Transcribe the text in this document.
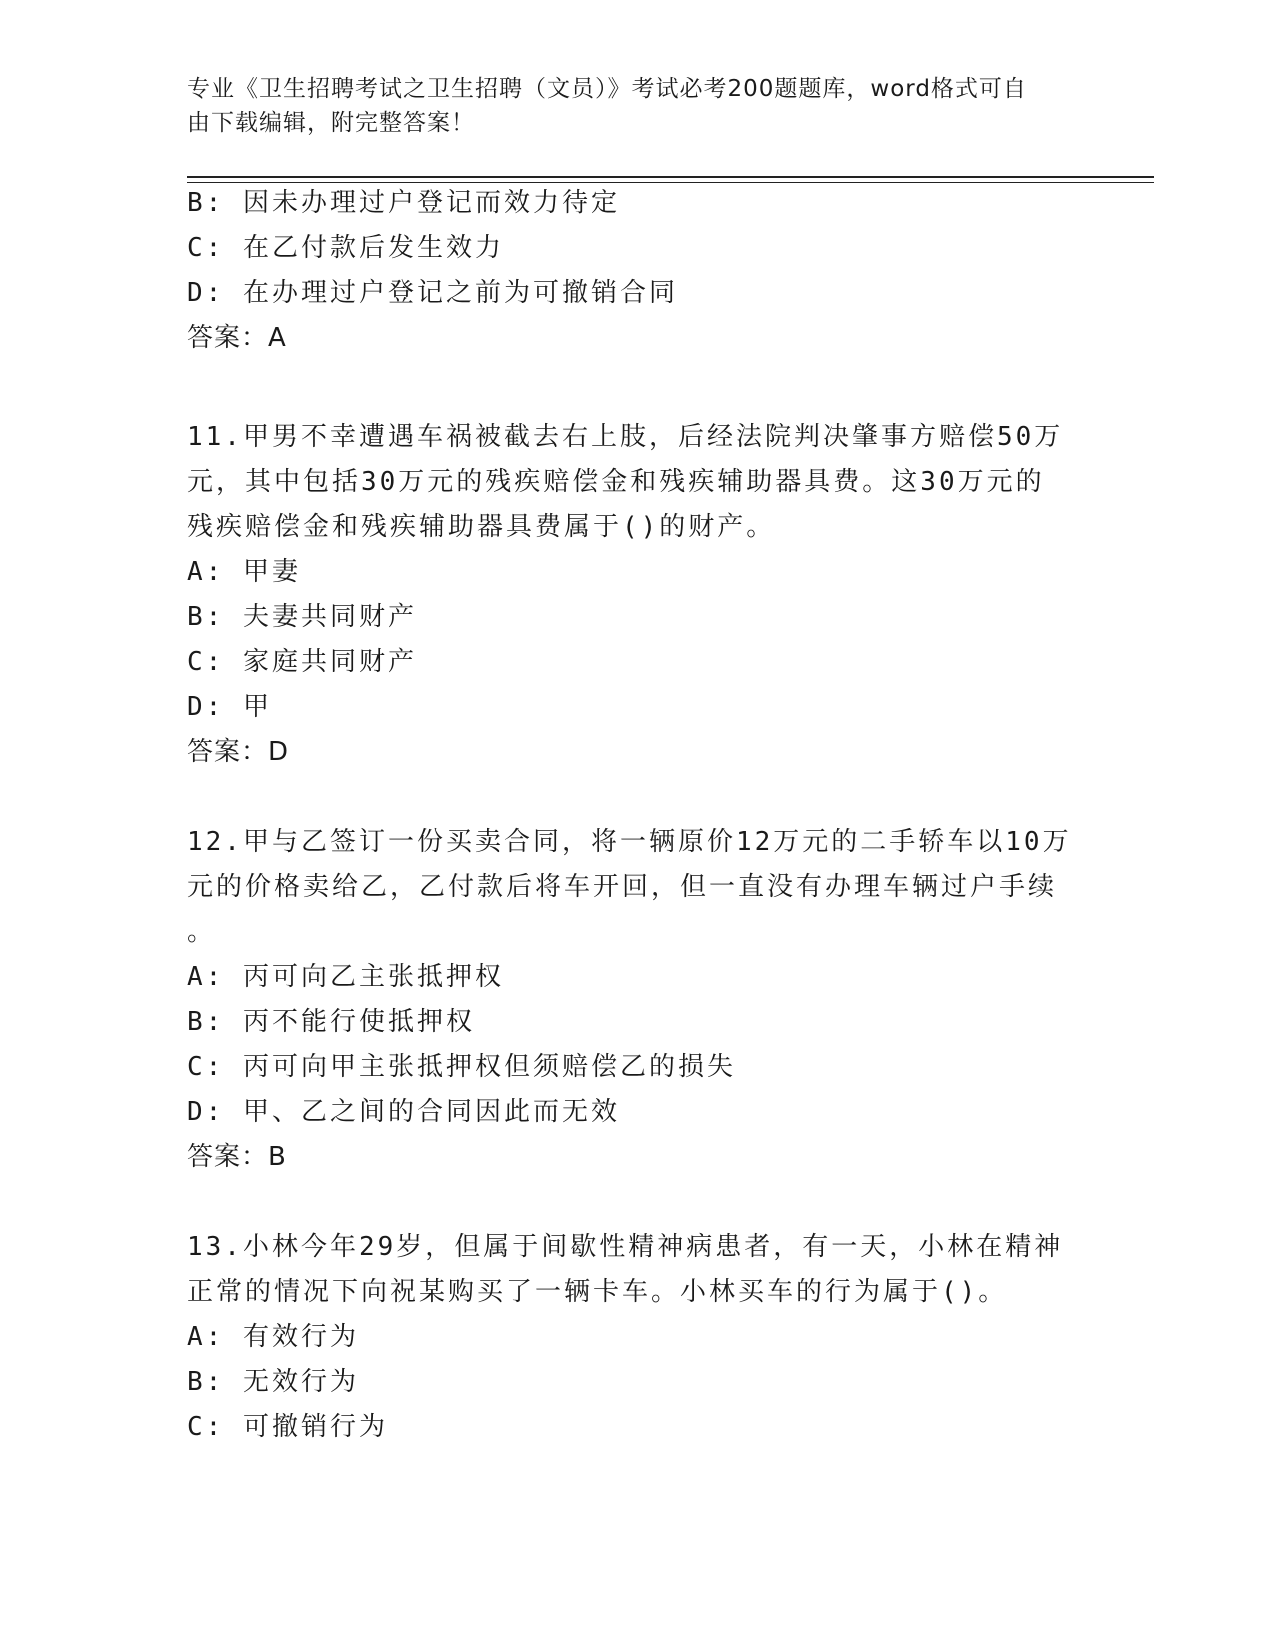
专业《卫生招聘考试之卫生招聘（文员）》考试必考200题题库，word格式可自
由下载编辑，附完整答案！
B: 因未办理过户登记而效力待定
C: 在乙付款后发生效力
D: 在办理过户登记之前为可撤销合同
答案：A
11.甲男不幸遭遇车祸被截去右上肢，后经法院判决肇事方赔偿50万
元，其中包括30万元的残疾赔偿金和残疾辅助器具费。这30万元的
残疾赔偿金和残疾辅助器具费属于()的财产。
A: 甲妻
B: 夫妻共同财产
C: 家庭共同财产
D: 甲
答案：D
12.甲与乙签订一份买卖合同，将一辆原价12万元的二手轿车以10万
元的价格卖给乙，乙付款后将车开回，但一直没有办理车辆过户手续
。
A: 丙可向乙主张抵押权
B: 丙不能行使抵押权
C: 丙可向甲主张抵押权但须赔偿乙的损失
D: 甲、乙之间的合同因此而无效
答案：B
13.小林今年29岁，但属于间歇性精神病患者，有一天，小林在精神
正常的情况下向祝某购买了一辆卡车。小林买车的行为属于()。
A: 有效行为
B: 无效行为
C: 可撤销行为
